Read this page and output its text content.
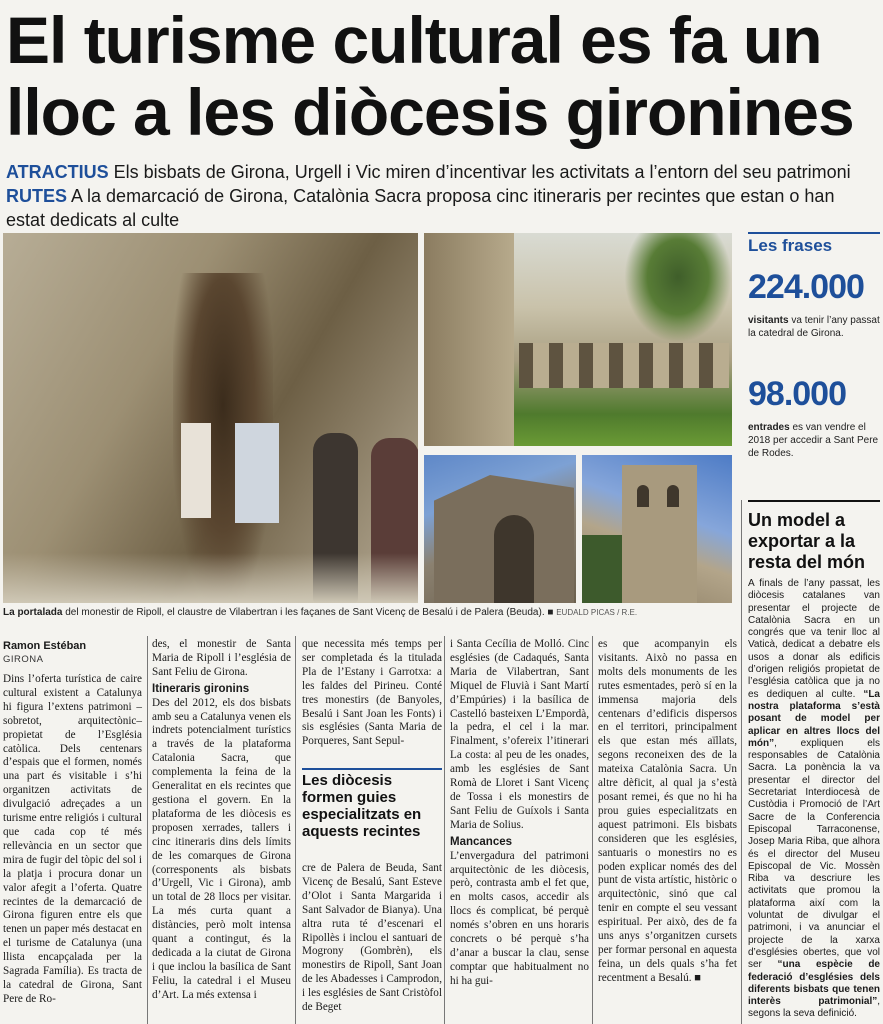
El turisme cultural es fa un
lloc a les diòcesis gironines
ATRACTIUS Els bisbats de Girona, Urgell i Vic miren d’incentivar les activitats a l’entorn del seu patrimoni RUTES A la demarcació de Girona, Catalònia Sacra proposa cinc itineraris per recintes que estan o han estat dedicats al culte
La portalada del monestir de Ripoll, el claustre de Vilabertran i les façanes de Sant Vicenç de Besalú i de Palera (Beuda). ■ EUDALD PICAS / R.E.
Les frases
224.000
visitants va tenir l’any passat la catedral de Girona.
98.000
entrades es van vendre el 2018 per accedir a Sant Pere de Rodes.
Un model a exportar a la resta del món
A finals de l’any passat, les diòcesis catalanes van presentar el projecte de Catalònia Sacra en un congrés que va tenir lloc al Vaticà, dedicat a debatre els usos a donar als edificis d’origen religiós propietat de l’església catòlica que ja no es dediquen al culte. “La nostra plataforma s’està posant de model per aplicar en altres llocs del món”, expliquen els responsables de Catalònia Sacra. La ponència la va presentar el director del Secretariat Interdiocesà de Custòdia i Promoció de l’Art Sacre de la Conferencia Episcopal Tarraconense, Josep Maria Riba, que alhora és el director del Museu Episcopal de Vic. Mossèn Riba va descriure les activitats que promou la plataforma així com la voluntat de divulgar el patrimoni, i va anunciar el projecte de la xarxa d’esglésies obertes, que vol ser “una espècie de federació d’esglésies dels diferents bisbats que tenen interès patrimonial”, segons la seva definició.
Ramon Estéban
GIRONA

Dins l’oferta turística de caire cultural existent a Catalunya hi figura l’extens patrimoni –sobretot, arquitectònic– propietat de l’Església catòlica. Dels centenars d’espais que el formen, només una part és visitable i s’hi organitzen activitats de divulgació adreçades a un turisme entre religiós i cultural que cada cop té més rellevància en un sector que mira de fugir del tòpic del sol i la platja i procura donar un valor afegit a l’oferta. Quatre recintes de la demarcació de Girona figuren entre els que tenen un paper més destacat en el turisme de Catalunya (una llista encapçalada per la Sagrada Família). Es tracta de la catedral de Girona, Sant Pere de Ro-

des, el monestir de Santa Maria de Ripoll i l’església de Sant Feliu de Girona.

Itineraris gironins

Des del 2012, els dos bisbats amb seu a Catalunya venen els indrets potencialment turístics a través de la plataforma Catalonia Sacra, que complementa la feina de la Generalitat en els recintes que gestiona el govern. En la plataforma de les diòcesis es proposen xerrades, tallers i cinc itineraris dins dels límits de les comarques de Girona (corresponents als bisbats d’Urgell, Vic i Girona), amb un total de 28 llocs per visitar. La més curta quant a distàncies, però molt intensa quant a contingut, és la dedicada a la ciutat de Girona i que inclou la basílica de Sant Feliu, la catedral i el Museu d’Art. La més extensa i

que necessita més temps per ser completada és la titulada Pla de l’Estany i Garrotxa: a les faldes del Pirineu. Conté tres monestirs (de Banyoles, Besalú i Sant Joan les Fonts) i sis esglésies (Santa Maria de Porqueres, Sant Sepul-

Les diòcesis formen guies especialitzats en aquests recintes

cre de Palera de Beuda, Sant Vicenç de Besalú, Sant Esteve d’Olot i Santa Margarida i Sant Salvador de Bianya). Una altra ruta té d’escenari el Ripollès i inclou el santuari de Mogrony (Gombrèn), els monestirs de Ripoll, Sant Joan de les Abadesses i Camprodon, i les esglésies de Sant Cristòfol de Beget

i Santa Cecília de Molló. Cinc esglésies (de Cadaqués, Santa Maria de Vilabertran, Sant Miquel de Fluvià i Sant Martí d’Empúries) i la basílica de Castelló basteixen L’Empordà, la pedra, el cel i la mar. Finalment, s’ofereix l’itinerari La costa: al peu de les onades, amb les esglésies de Sant Romà de Lloret i Sant Vicenç de Tossa i els monestirs de Sant Feliu de Guíxols i Santa Maria de Solius.

Mancances

L’envergadura del patrimoni arquitectònic de les diòcesis, però, contrasta amb el fet que, en molts casos, accedir als llocs és complicat, bé perquè només s’obren en uns horaris concrets o bé perquè s’ha d’anar a buscar la clau, sense comptar que habitualment no hi ha gui-

es que acompanyin els visitants. Això no passa en molts dels monuments de les rutes esmentades, però sí en la immensa majoria dels centenars d’edificis dispersos en el territori, principalment els que estan més aïllats, segons reconeixen des de la mateixa Catalònia Sacra. Un altre dèficit, al qual ja s’està posant remei, és que no hi ha prou guies especialitzats en aquest patrimoni. Els bisbats consideren que les esglésies, santuaris o monestirs no es poden explicar només des del punt de vista artístic, històric o arquitectònic, sinó que cal tenir en compte el seu vessant espiritual. Per això, des de fa uns anys s’organitzen cursets per formar personal en aquesta feina, un dels quals s’ha fet recentment a Besalú. ■
